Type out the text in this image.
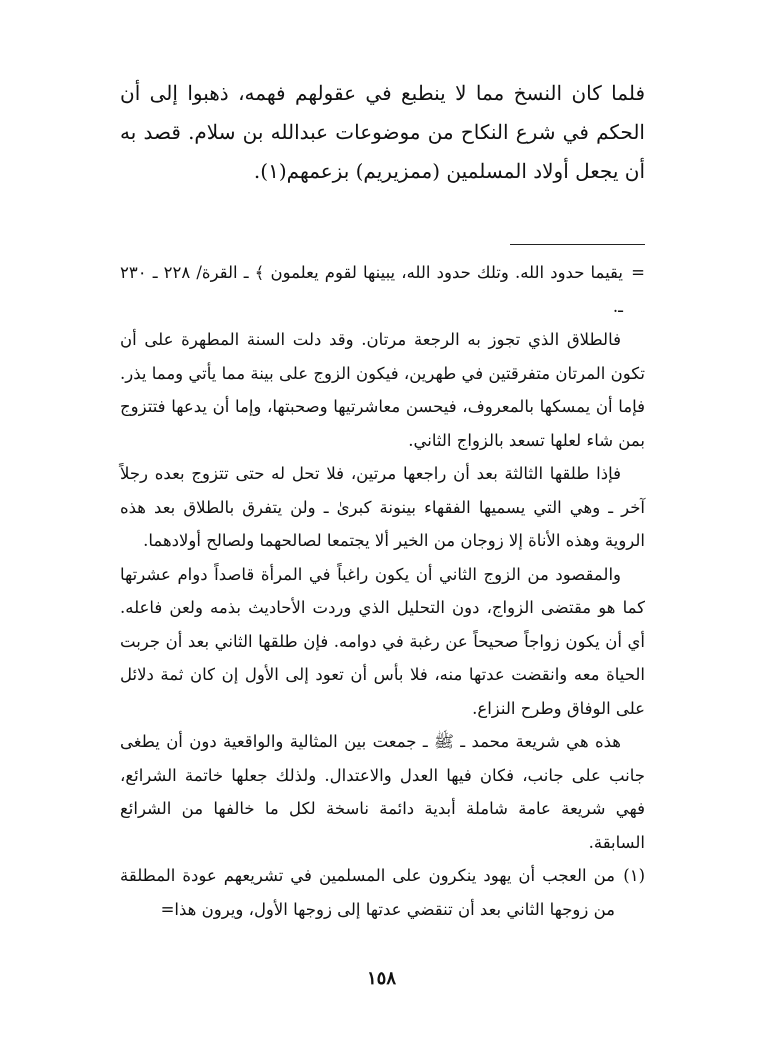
فلما كان النسخ مما لا ينطبع في عقولهم فهمه، ذهبوا إلى أن الحكم في شرع النكاح من موضوعات عبدالله بن سلام. قصد به أن يجعل أولاد المسلمين (ممزيريم) بزعمهم(١).

=
يقيما حدود الله. وتلك حدود الله، يبينها لقوم يعلمون ﴾ ـ القرة/ ٢٢٨ ـ ٢٣٠ ـ.

فالطلاق الذي تجوز به الرجعة مرتان. وقد دلت السنة المطهرة على أن تكون المرتان متفرقتين في طهرين، فيكون الزوج على بينة مما يأتي ومما يذر. فإما أن يمسكها بالمعروف، فيحسن معاشرتيها وصحبتها، وإما أن يدعها فتتزوج بمن شاء لعلها تسعد بالزواج الثاني.

فإذا طلقها الثالثة بعد أن راجعها مرتين، فلا تحل له حتى تتزوج بعده رجلاً آخر ـ وهي التي يسميها الفقهاء بينونة كبرىٰ ـ ولن يتفرق بالطلاق بعد هذه الروية وهذه الأناة إلا زوجان من الخير ألا يجتمعا لصالحهما ولصالح أولادهما.

والمقصود من الزوج الثاني أن يكون راغباً في المرأة قاصداً دوام عشرتها كما هو مقتضى الزواج، دون التحليل الذي وردت الأحاديث بذمه ولعن فاعله. أي أن يكون زواجاً صحيحاً عن رغبة في دوامه. فإن طلقها الثاني بعد أن جربت الحياة معه وانقضت عدتها منه، فلا بأس أن تعود إلى الأول إن كان ثمة دلائل على الوفاق وطرح النزاع.

هذه هي شريعة محمد ـ ﷺ ـ جمعت بين المثالية والواقعية دون أن يطغى جانب على جانب، فكان فيها العدل والاعتدال. ولذلك جعلها خاتمة الشرائع، فهي شريعة عامة شاملة أبدية دائمة ناسخة لكل ما خالفها من الشرائع السابقة.

(١)
من العجب أن يهود ينكرون على المسلمين في تشريعهم عودة المطلقة من زوجها الثاني بعد أن تنقضي عدتها إلى زوجها الأول، ويرون هذا=

١٥٨
